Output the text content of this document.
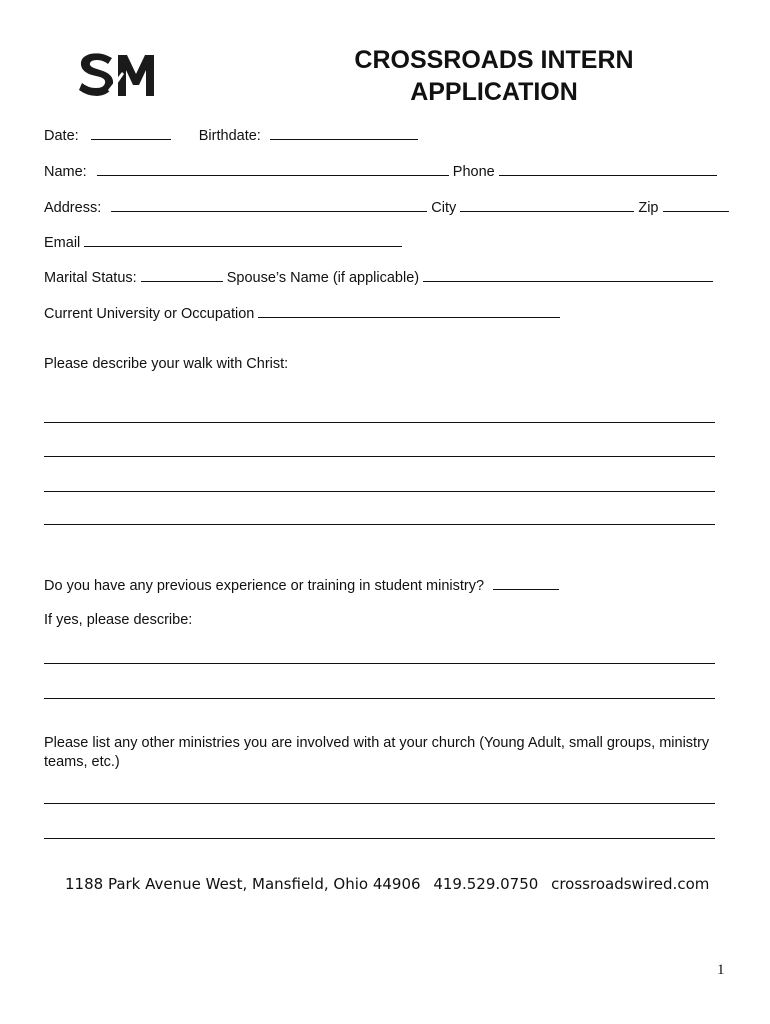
CROSSROADS INTERN
APPLICATION
Date:	Birthdate:
Name:	Phone
Address:	City	Zip
Email
Marital Status:	Spouse’s Name (if applicable)
Current University or Occupation
Please describe your walk with Christ:
Do you have any previous experience or training in student ministry?
If yes, please describe:
Please list any other ministries you are involved with at your church (Young Adult, small groups, ministry teams, etc.)
1188 Park Avenue West, Mansfield, Ohio 44906 419.529.0750 crossroadswired.com
1
